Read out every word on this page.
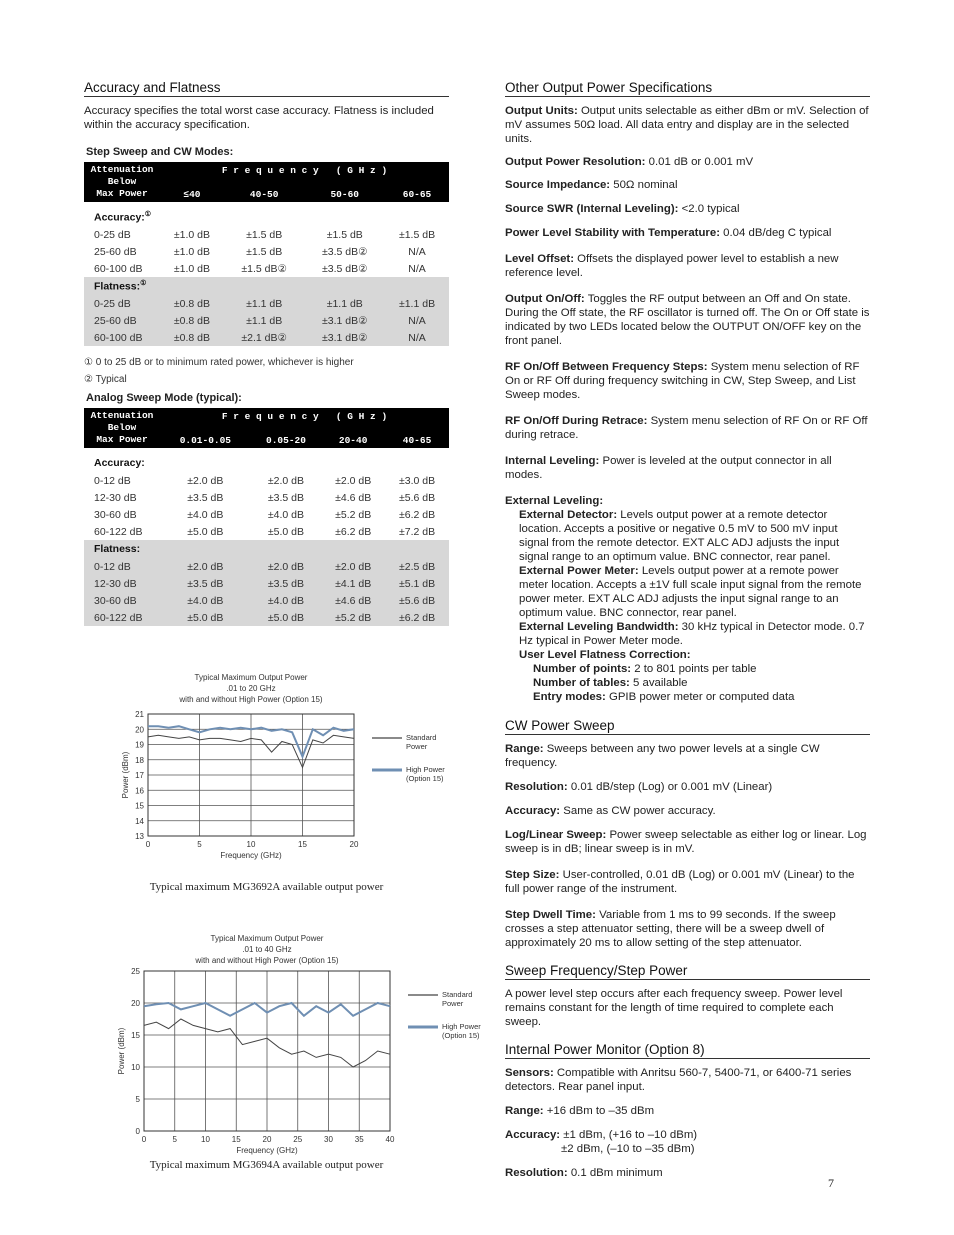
Accuracy and Flatness

Accuracy specifies the total worst case accuracy. Flatness is included within the accuracy specification.

Step Sweep and CW Modes:
Attenuation
Below
Max Power	F r e q u e n c y   ( G H z )			
	≤40	40-50	50-60	60-65
Accuracy:①
0-25 dB	±1.0 dB	±1.5 dB	±1.5 dB	±1.5 dB
25-60 dB	±1.0 dB	±1.5 dB	±3.5 dB②	N/A
60-100 dB	±1.0 dB	±1.5 dB②	±3.5 dB②	N/A
Flatness:①
0-25 dB	±0.8 dB	±1.1 dB	±1.1 dB	±1.1 dB
25-60 dB	±0.8 dB	±1.1 dB	±3.1 dB②	N/A
60-100 dB	±0.8 dB	±2.1 dB②	±3.1 dB②	N/A
① 0 to 25 dB or to minimum rated power, whichever is higher
② Typical
Analog Sweep Mode (typical):
Attenuation
Below
Max Power	F r e q u e n c y   ( G H z )			
	0.01-0.05	0.05-20	20-40	40-65
Accuracy:				
0-12 dB	±2.0 dB	±2.0 dB	±2.0 dB	±3.0 dB
12-30 dB	±3.5 dB	±3.5 dB	±4.6 dB	±5.6 dB
30-60 dB	±4.0 dB	±4.0 dB	±5.2 dB	±6.2 dB
60-122 dB	±5.0 dB	±5.0 dB	±6.2 dB	±7.2 dB
Flatness:				
0-12 dB	±2.0 dB	±2.0 dB	±2.0 dB	±2.5 dB
12-30 dB	±3.5 dB	±3.5 dB	±4.1 dB	±5.1 dB
30-60 dB	±4.0 dB	±4.0 dB	±4.6 dB	±5.6 dB
60-122 dB	±5.0 dB	±5.0 dB	±5.2 dB	±6.2 dB
Typical Maximum Output Power
.01 to 20 GHz
with and without High Power (Option 15)
13
14
15
16
17
18
19
20
21
0	5	10	15	20
Frequency (GHz)
Power (dBm)
Standard
Power
High Power
(Option 15)
Typical maximum MG3692A available output power
Typical Maximum Output Power
.01 to 40 GHz
with and without High Power (Option 15)
0
5
10
15
20
25
0	5	10	15	20	25	30	35	40
Frequency (GHz)
Power (dBm)
Standard
Power
High Power
(Option 15)
Typical maximum MG3694A available output power
Other Output Power Specifications

Output Units: Output units selectable as either dBm or mV. Selection of mV assumes 50Ω load. All data entry and display are in the selected units.

Output Power Resolution: 0.01 dB or 0.001 mV

Source Impedance: 50Ω nominal

Source SWR (Internal Leveling): <2.0 typical

Power Level Stability with Temperature: 0.04 dB/deg C typical

Level Offset: Offsets the displayed power level to establish a new reference level.

Output On/Off: Toggles the RF output between an Off and On state. During the Off state, the RF oscillator is turned off. The On or Off state is indicated by two LEDs located below the OUTPUT ON/OFF key on the front panel.

RF On/Off Between Frequency Steps: System menu selection of RF On or RF Off during frequency switching in CW, Step Sweep, and List Sweep modes.

RF On/Off During Retrace: System menu selection of RF On or RF Off during retrace.

Internal Leveling: Power is leveled at the output connector in all modes.

External Leveling:

External Detector: Levels output power at a remote detector location. Accepts a positive or negative 0.5 mV to 500 mV input signal from the remote detector. EXT ALC ADJ adjusts the input signal range to an optimum value. BNC connector, rear panel.

External Power Meter: Levels output power at a remote power meter location. Accepts a ±1V full scale input signal from the remote power meter. EXT ALC ADJ adjusts the input signal range to an optimum value. BNC connector, rear panel.

External Leveling Bandwidth: 30 kHz typical in Detector mode. 0.7 Hz typical in Power Meter mode.

User Level Flatness Correction:

Number of points: 2 to 801 points per table

Number of tables: 5 available

Entry modes: GPIB power meter or computed data

CW Power Sweep

Range: Sweeps between any two power levels at a single CW frequency.

Resolution: 0.01 dB/step (Log) or 0.001 mV (Linear)

Accuracy: Same as CW power accuracy.

Log/Linear Sweep: Power sweep selectable as either log or linear. Log sweep is in dB; linear sweep is in mV.

Step Size: User-controlled, 0.01 dB (Log) or 0.001 mV (Linear) to the full power range of the instrument.

Step Dwell Time: Variable from 1 ms to 99 seconds. If the sweep crosses a step attenuator setting, there will be a sweep dwell of approximately 20 ms to allow setting of the step attenuator.

Sweep Frequency/Step Power

A power level step occurs after each frequency sweep. Power level remains constant for the length of time required to complete each sweep.

Internal Power Monitor (Option 8)

Sensors: Compatible with Anritsu 560-7, 5400-71, or 6400-71 series detectors. Rear panel input.

Range: +16 dBm to –35 dBm

Accuracy: ±1 dBm, (+16 to –10 dBm)
±2 dBm, (–10 to –35 dBm)

Resolution: 0.1 dBm minimum

7
